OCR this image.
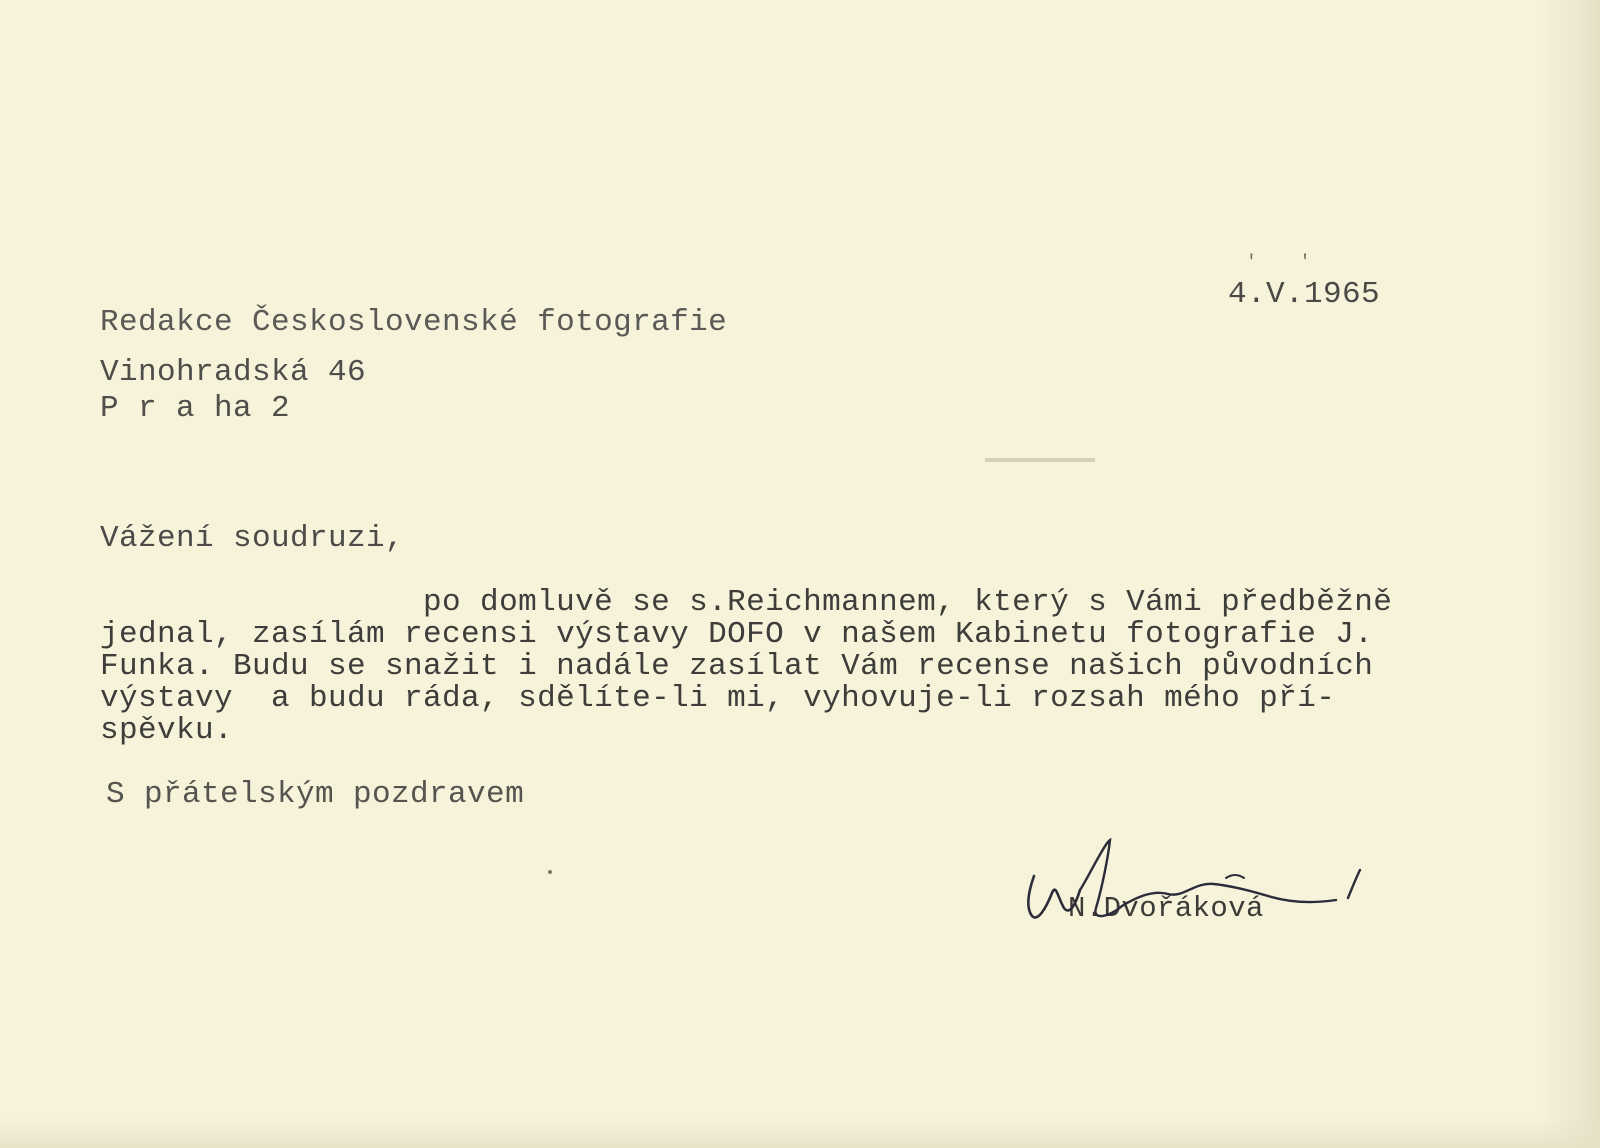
' '
4.V.1965
Redakce Československé fotografie
Vinohradská 46
P r a ha 2
Vážení soudruzi,
po domluvě se s.Reichmannem, který s Vámi předběžně
jednal, zasílám recensi výstavy DOFO v našem Kabinetu fotografie J.
Funka. Budu se snažit i nadále zasílat Vám recense našich původních
výstavy  a budu ráda, sdělíte-li mi, vyhovuje-li rozsah mého pří-
spěvku.
S přátelským pozdravem
N.Dvořáková
